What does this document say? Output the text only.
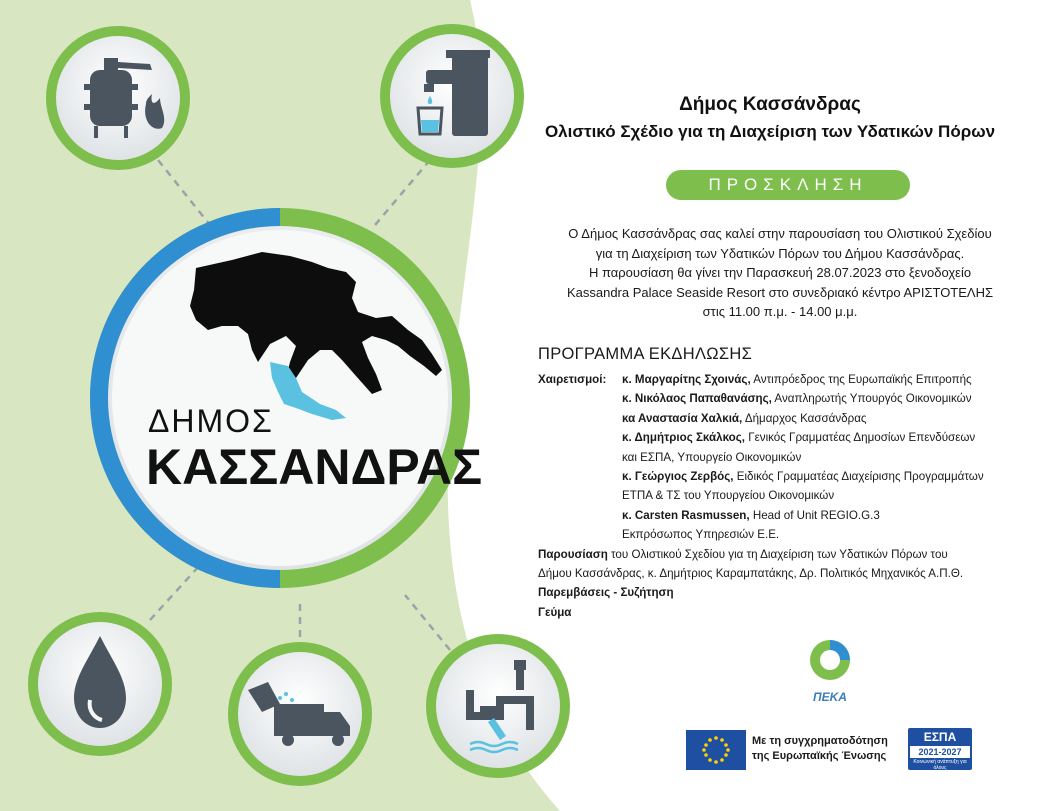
ΔΗΜΟΣ
ΚΑΣΣΑΝΔΡΑΣ
Δήμος Κασσάνδρας
Ολιστικό Σχέδιο για τη Διαχείριση των Υδατικών Πόρων
ΠΡΟΣΚΛΗΣΗ
Ο Δήμος Κασσάνδρας σας καλεί στην παρουσίαση του Ολιστικού Σχεδίου
για τη Διαχείριση των Υδατικών Πόρων του Δήμου Κασσάνδρας.
Η παρουσίαση θα γίνει την Παρασκευή 28.07.2023 στο ξενοδοχείο
Kassandra Palace Seaside Resort στο συνεδριακό κέντρο ΑΡΙΣΤΟΤΕΛΗΣ
στις 11.00 π.μ. - 14.00 μ.μ.
ΠΡΟΓΡΑΜΜΑ ΕΚΔΗΛΩΣΗΣ
Χαιρετισμοί: κ. Μαργαρίτης Σχοινάς, Αντιπρόεδρος της Ευρωπαϊκής Επιτροπής
κ. Νικόλαος Παπαθανάσης, Αναπληρωτής Υπουργός Οικονομικών
κα Αναστασία Χαλκιά, Δήμαρχος Κασσάνδρας
κ. Δημήτριος Σκάλκος, Γενικός Γραμματέας Δημοσίων Επενδύσεων
και ΕΣΠΑ, Υπουργείο Οικονομικών
κ. Γεώργιος Ζερβός, Ειδικός Γραμματέας Διαχείρισης Προγραμμάτων
ΕΤΠΑ & ΤΣ του Υπουργείου Οικονομικών
κ. Carsten Rasmussen, Head of Unit REGIO.G.3
Εκπρόσωπος Υπηρεσιών Ε.Ε.
Παρουσίαση του Ολιστικού Σχεδίου για τη Διαχείριση των Υδατικών Πόρων του
Δήμου Κασσάνδρας, κ. Δημήτριος Καραμπατάκης, Δρ. Πολιτικός Μηχανικός Α.Π.Θ.
Παρεμβάσεις - Συζήτηση
Γεύμα
ΠΕΚΑ
Με τη συγχρηματοδότηση
της Ευρωπαϊκής Ένωσης
ΕΣΠΑ
2021-2027
Κοινωνική ανάπτυξη για όλους
